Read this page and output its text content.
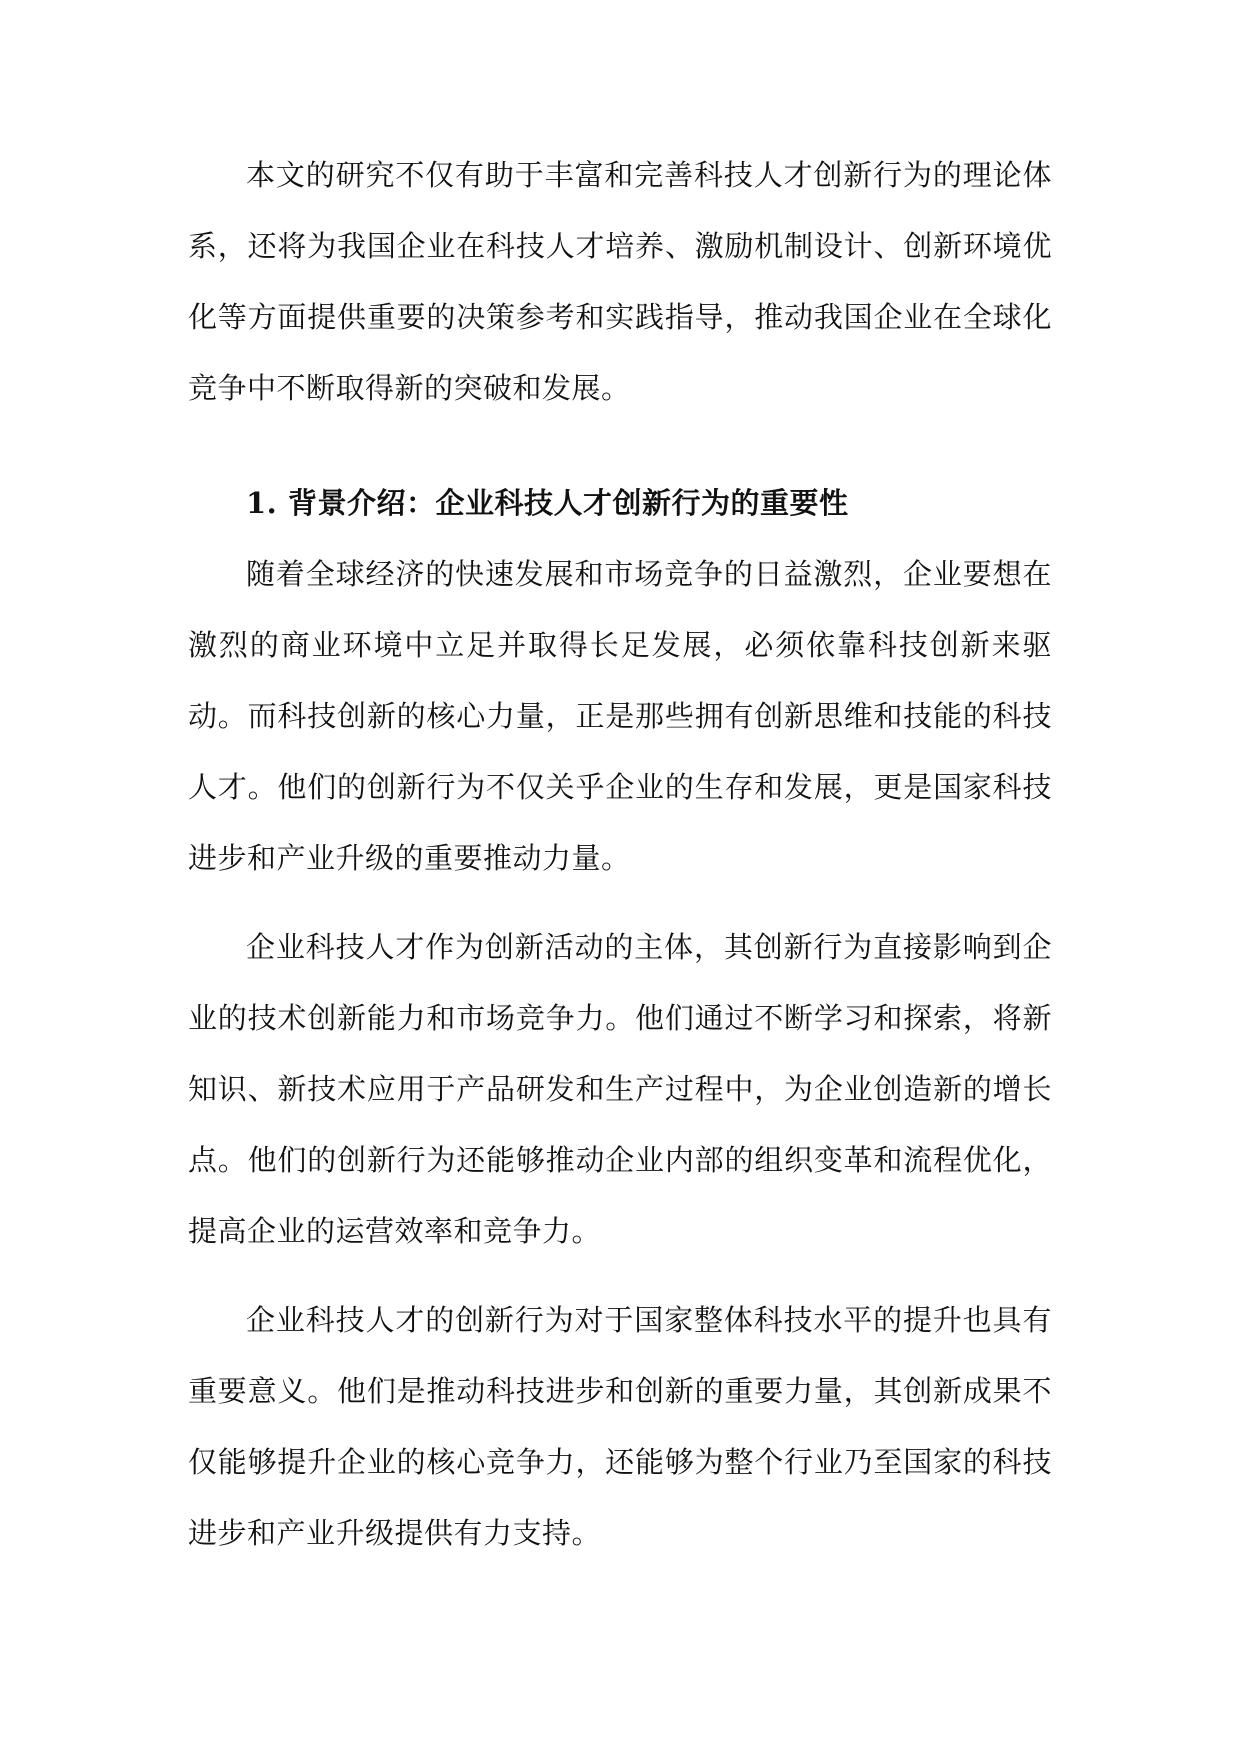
本文的研究不仅有助于丰富和完善科技人才创新行为的理论体系，还将为我国企业在科技人才培养、激励机制设计、创新环境优化等方面提供重要的决策参考和实践指导，推动我国企业在全球化竞争中不断取得新的突破和发展。

1. 背景介绍：企业科技人才创新行为的重要性

随着全球经济的快速发展和市场竞争的日益激烈，企业要想在激烈的商业环境中立足并取得长足发展，必须依靠科技创新来驱动。而科技创新的核心力量，正是那些拥有创新思维和技能的科技人才。他们的创新行为不仅关乎企业的生存和发展，更是国家科技进步和产业升级的重要推动力量。

企业科技人才作为创新活动的主体，其创新行为直接影响到企业的技术创新能力和市场竞争力。他们通过不断学习和探索，将新知识、新技术应用于产品研发和生产过程中，为企业创造新的增长点。他们的创新行为还能够推动企业内部的组织变革和流程优化，提高企业的运营效率和竞争力。

企业科技人才的创新行为对于国家整体科技水平的提升也具有重要意义。他们是推动科技进步和创新的重要力量，其创新成果不仅能够提升企业的核心竞争力，还能够为整个行业乃至国家的科技进步和产业升级提供有力支持。
